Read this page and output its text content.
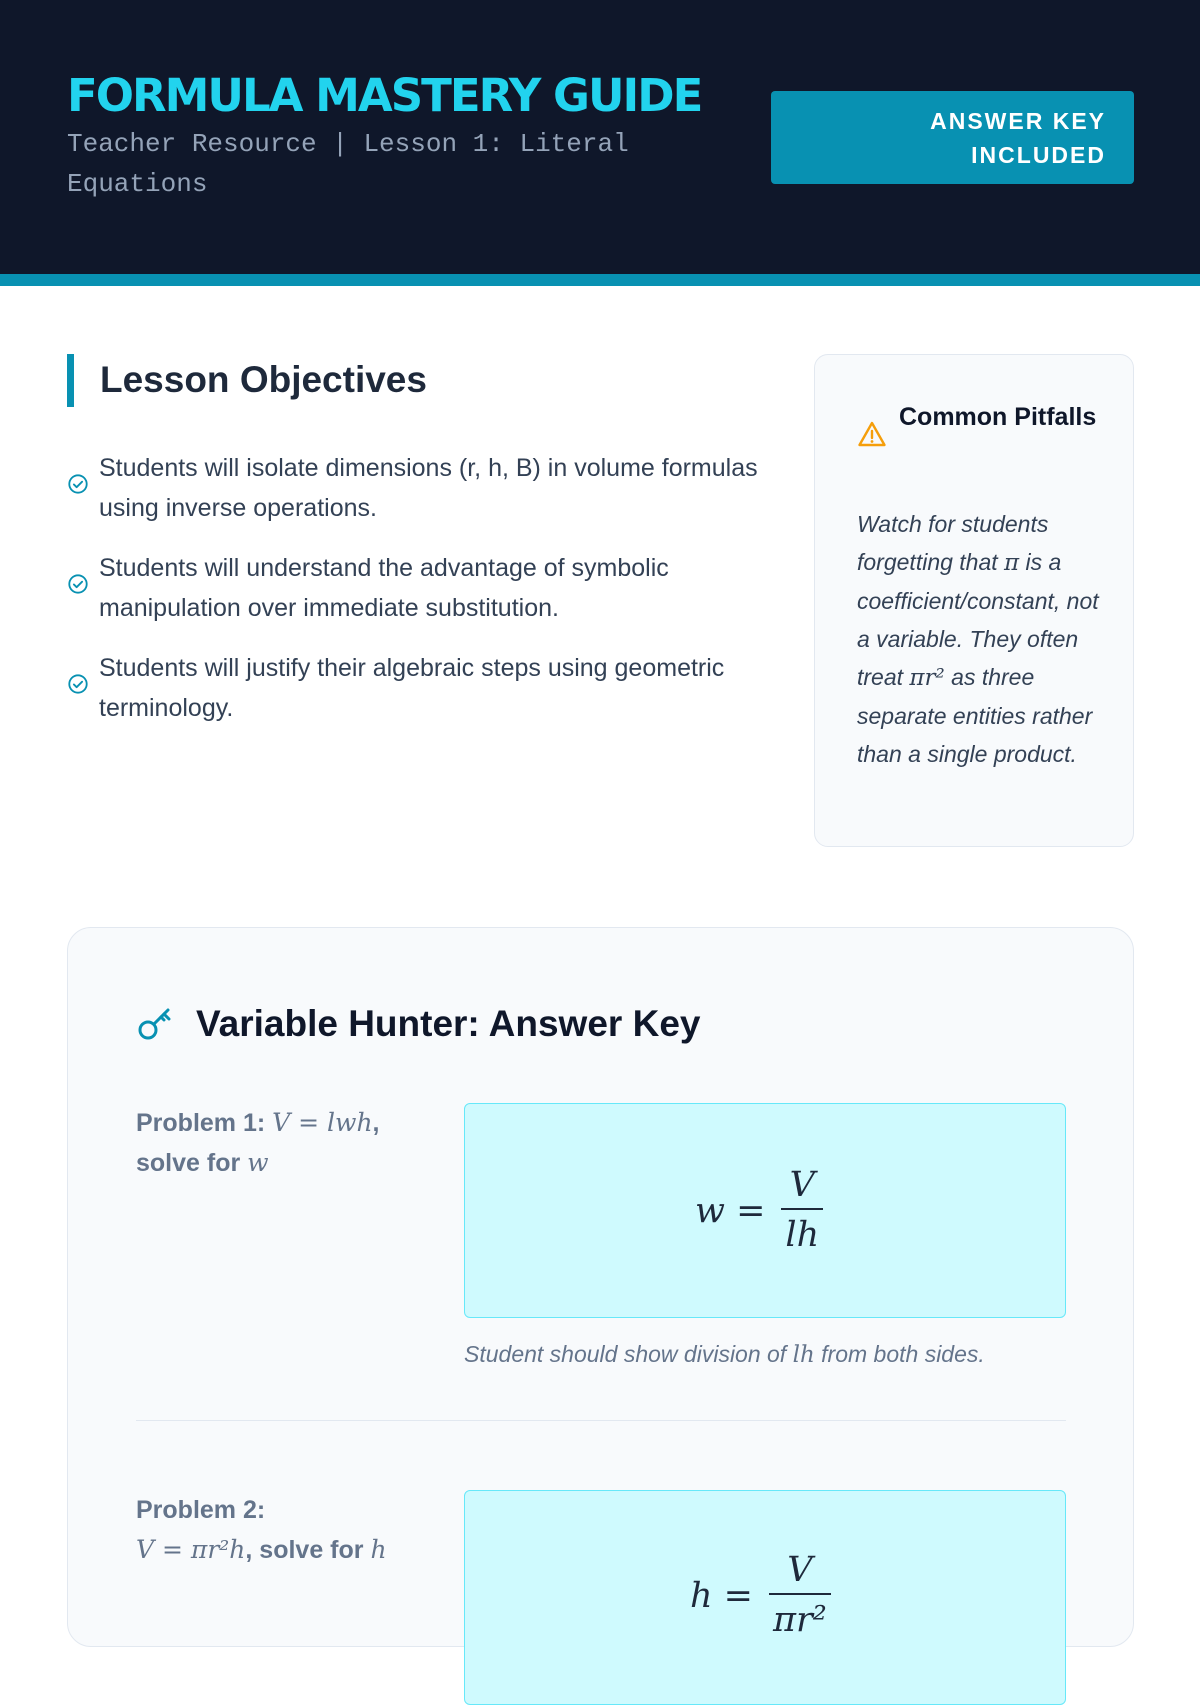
FORMULA MASTERY GUIDE
Teacher Resource | Lesson 1: Literal Equations
ANSWER KEY INCLUDED
Lesson Objectives
Students will isolate dimensions (r, h, B) in volume formulas using inverse operations.
Students will understand the advantage of symbolic manipulation over immediate substitution.
Students will justify their algebraic steps using geometric terminology.
Common Pitfalls
Watch for students forgetting that π is a coefficient/constant, not a variable. They often treat πr² as three separate entities rather than a single product.
Variable Hunter: Answer Key
Problem 1: V = lwh, solve for w
$w = \frac{V}{lh}$
Student should show division of lh from both sides.
Problem 2:
V = πr²h, solve for h
$h = \frac{V}{\text{πr²}}$
